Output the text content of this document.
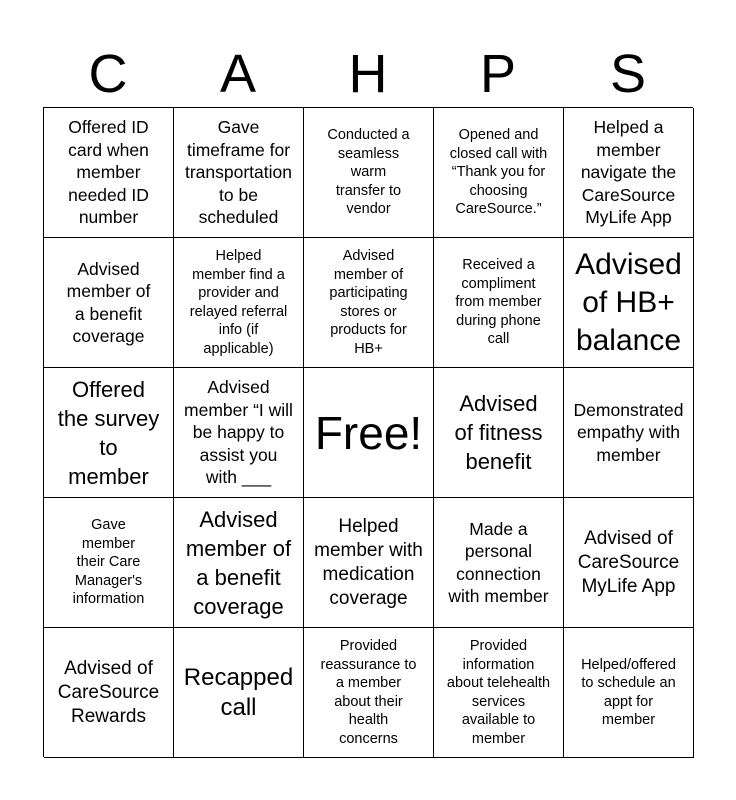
C	A	H	P	S
Offered ID
card when
member
needed ID
number
Gave
timeframe for
transportation
to be
scheduled
Conducted a
seamless
warm
transfer to
vendor
Opened and
closed call with
“Thank you for
choosing
CareSource.”
Helped a
member
navigate the
CareSource
MyLife App
Advised
member of
a benefit
coverage
Helped
member find a
provider and
relayed referral
info (if
applicable)
Advised
member of
participating
stores or
products for
HB+
Received a
compliment
from member
during phone
call
Advised
of HB+
balance
Offered
the survey
to
member
Advised
member “I will
be happy to
assist you
with ___
Free!
Advised
of fitness
benefit
Demonstrated
empathy with
member
Gave
member
their Care
Manager's
information
Advised
member of
a benefit
coverage
Helped
member with
medication
coverage
Made a
personal
connection
with member
Advised of
CareSource
MyLife App
Advised of
CareSource
Rewards
Recapped
call
Provided
reassurance to
a member
about their
health
concerns
Provided
information
about telehealth
services
available to
member
Helped/offered
to schedule an
appt for
member
